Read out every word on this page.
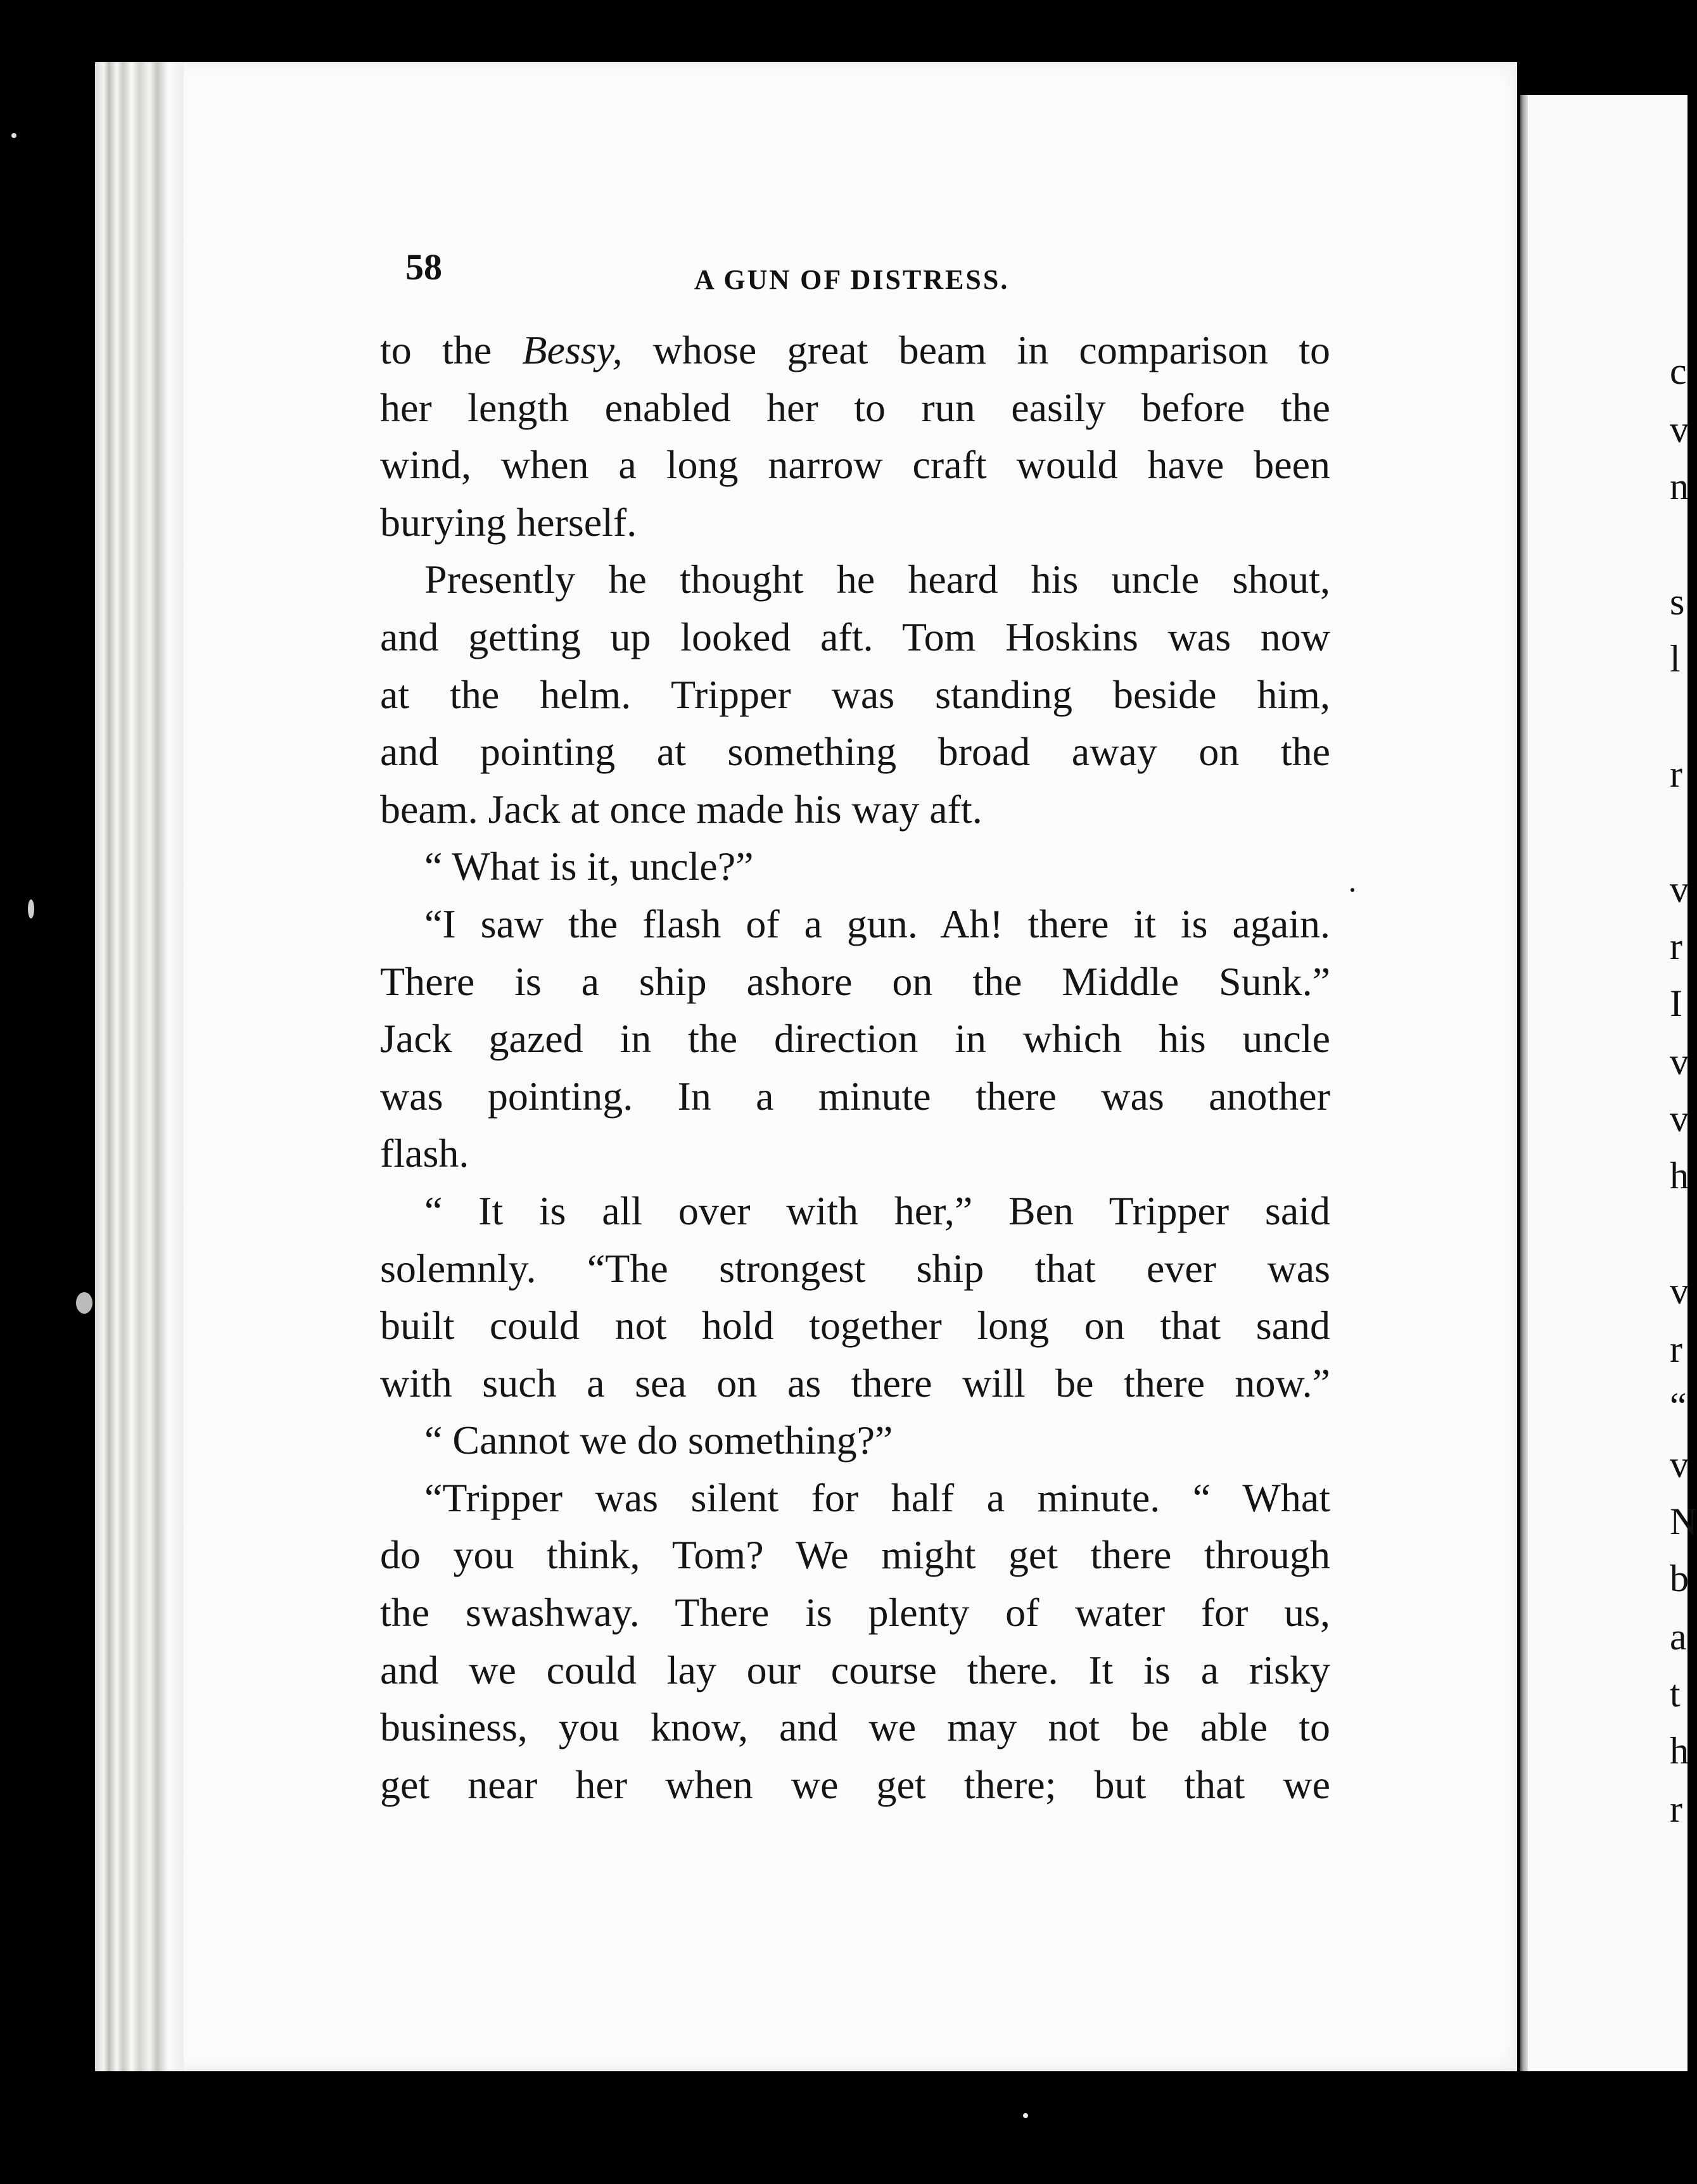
c
v
n
s
l
r
v
r
I
v
v
h
v
r
“
v
N
b
a
t
h
r
58	A GUN OF DISTRESS.
to the Bessy, whose great beam in comparison to
her length enabled her to run easily before the
wind, when a long narrow craft would have been
burying herself.
Presently he thought he heard his uncle shout,
and getting up looked aft. Tom Hoskins was now
at the helm. Tripper was standing beside him,
and pointing at something broad away on the
beam. Jack at once made his way aft.
“ What is it, uncle?”
“I saw the flash of a gun. Ah! there it is again.
There is a ship ashore on the Middle Sunk.”
Jack gazed in the direction in which his uncle
was pointing. In a minute there was another
flash.
“ It is all over with her,” Ben Tripper said
solemnly. “The strongest ship that ever was
built could not hold together long on that sand
with such a sea on as there will be there now.”
“ Cannot we do something?”
“Tripper was silent for half a minute. “ What
do you think, Tom? We might get there through
the swashway. There is plenty of water for us,
and we could lay our course there. It is a risky
business, you know, and we may not be able to
get near her when we get there; but that we
